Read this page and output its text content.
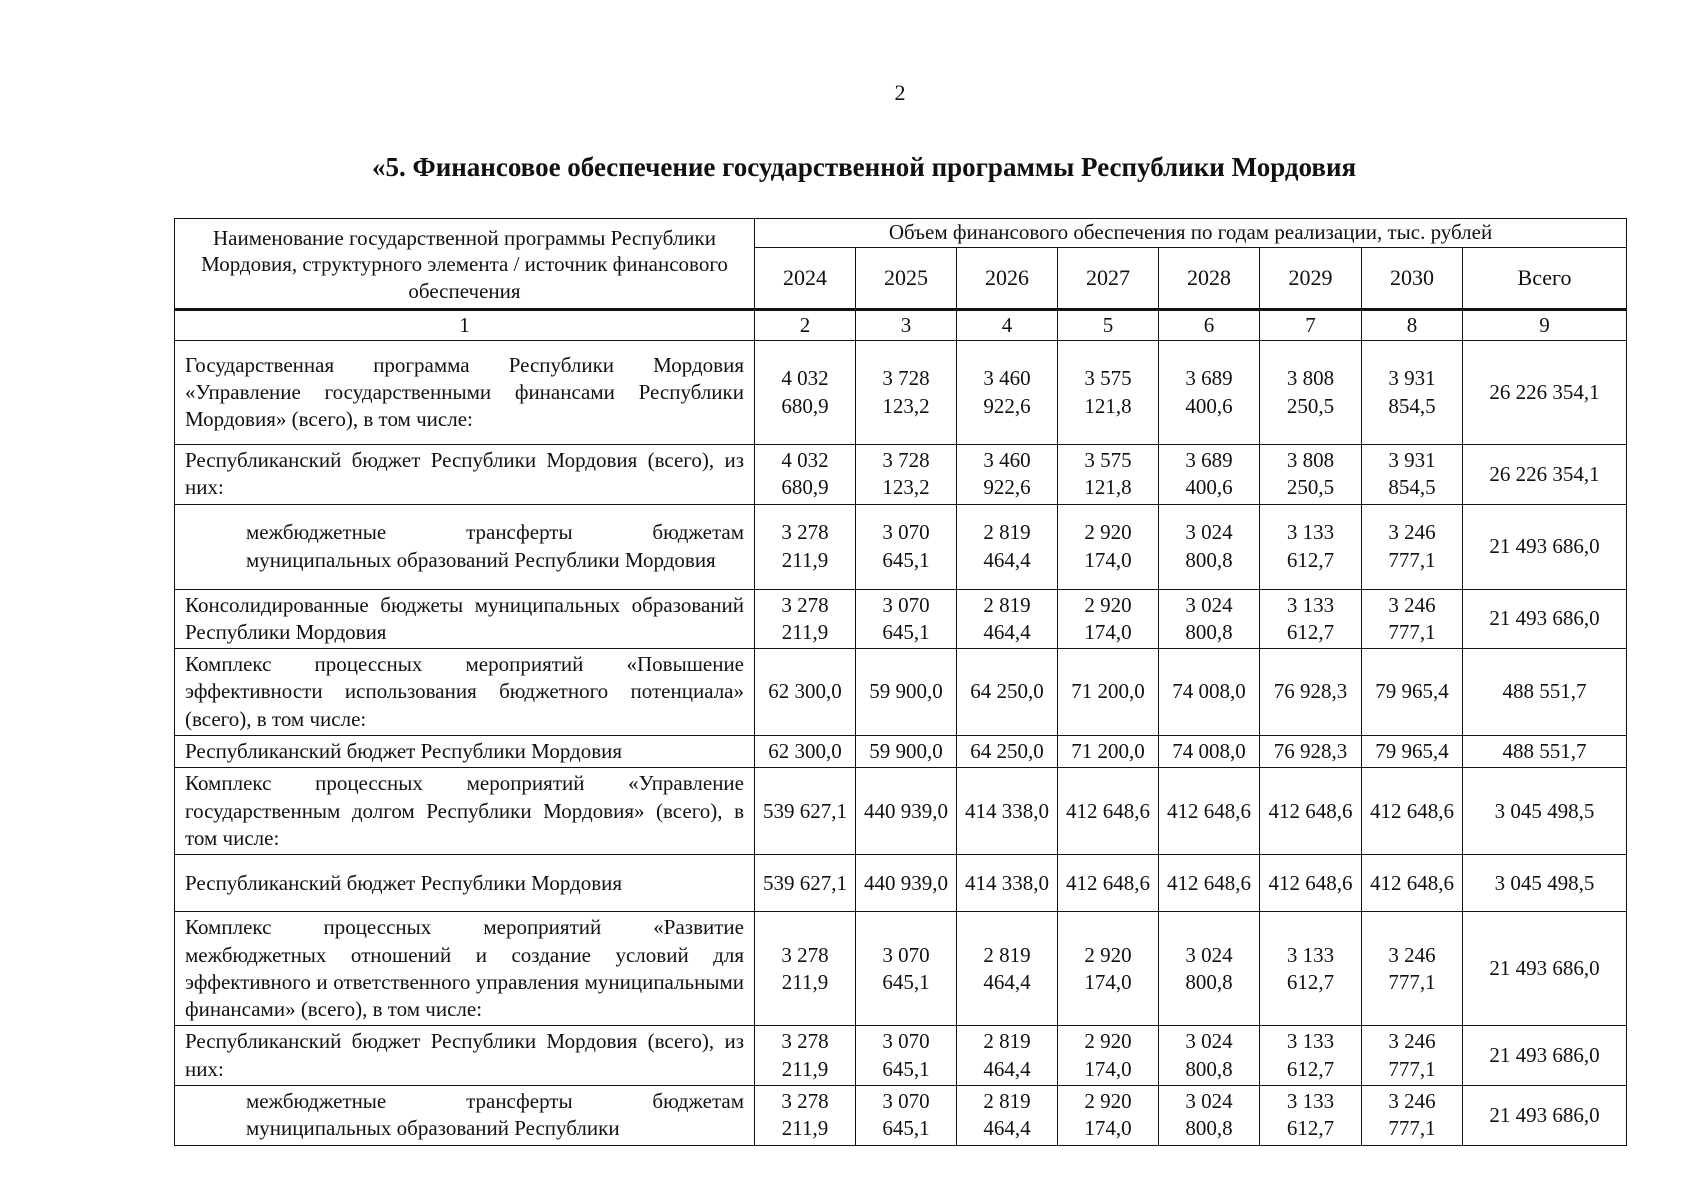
2
«5. Финансовое обеспечение государственной программы Республики Мордовия
Наименование государственной программы Республики Мордовия, структурного элемента / источник финансового обеспечения	Объем финансового обеспечения по годам реализации, тыс. рублей							
	2024	2025	2026	2027	2028	2029	2030	Всего
1	2	3	4	5	6	7	8	9
Государственная программа Республики Мордовия «Управление государственными финансами Республики Мордовия» (всего), в том числе:	4 032 680,9	3 728 123,2	3 460 922,6	3 575 121,8	3 689 400,6	3 808 250,5	3 931 854,5	26 226 354,1
Республиканский бюджет Республики Мордовия (всего), из них:	4 032 680,9	3 728 123,2	3 460 922,6	3 575 121,8	3 689 400,6	3 808 250,5	3 931 854,5	26 226 354,1
межбюджетные трансферты бюджетам муниципальных образований Республики Мордовия	3 278 211,9	3 070 645,1	2 819 464,4	2 920 174,0	3 024 800,8	3 133 612,7	3 246 777,1	21 493 686,0
Консолидированные бюджеты муниципальных образований Республики Мордовия	3 278 211,9	3 070 645,1	2 819 464,4	2 920 174,0	3 024 800,8	3 133 612,7	3 246 777,1	21 493 686,0
Комплекс процессных мероприятий «Повышение эффективности использования бюджетного потенциала» (всего), в том числе:	62 300,0	59 900,0	64 250,0	71 200,0	74 008,0	76 928,3	79 965,4	488 551,7
Республиканский бюджет Республики Мордовия	62 300,0	59 900,0	64 250,0	71 200,0	74 008,0	76 928,3	79 965,4	488 551,7
Комплекс процессных мероприятий «Управление государственным долгом Республики Мордовия» (всего), в том числе:	539 627,1	440 939,0	414 338,0	412 648,6	412 648,6	412 648,6	412 648,6	3 045 498,5
Республиканский бюджет Республики Мордовия	539 627,1	440 939,0	414 338,0	412 648,6	412 648,6	412 648,6	412 648,6	3 045 498,5
Комплекс процессных мероприятий «Развитие межбюджетных отношений и создание условий для эффективного и ответственного управления муниципальными финансами» (всего), в том числе:	3 278 211,9	3 070 645,1	2 819 464,4	2 920 174,0	3 024 800,8	3 133 612,7	3 246 777,1	21 493 686,0
Республиканский бюджет Республики Мордовия (всего), из них:	3 278 211,9	3 070 645,1	2 819 464,4	2 920 174,0	3 024 800,8	3 133 612,7	3 246 777,1	21 493 686,0
межбюджетные трансферты бюджетам муниципальных образований Республики	3 278 211,9	3 070 645,1	2 819 464,4	2 920 174,0	3 024 800,8	3 133 612,7	3 246 777,1	21 493 686,0
